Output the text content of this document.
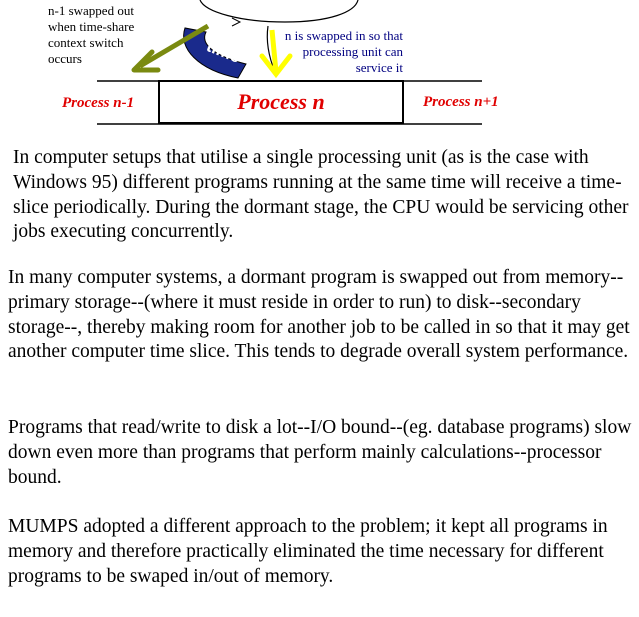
time
n-1 swapped out when time-share context switch occurs
n is swapped in so that processing unit can service it
Process n-1	Process n	Process n+1
In computer setups that utilise a single processing unit (as is the case with Windows 95) different programs running at the same time will receive a time-slice periodically. During the dormant stage, the CPU would be servicing other jobs executing concurrently.
In many computer systems, a dormant program is swapped out from memory--primary storage--(where it must reside in order to run) to disk--secondary storage--, thereby making room for another job to be called in so that it may get another computer time slice. This tends to degrade overall system performance.
Programs that read/write to disk a lot--I/O bound--(eg. database programs) slow down even more than programs that perform mainly calculations--processor bound.
MUMPS adopted a different approach to the problem; it kept all programs in memory and therefore practically eliminated the time necessary for different programs to be swaped in/out of memory.
